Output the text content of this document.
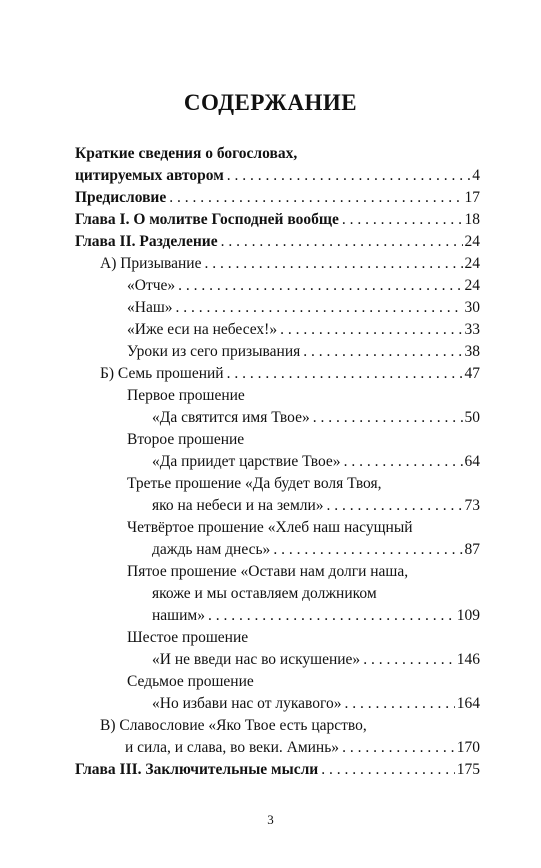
СОДЕРЖАНИЕ
Краткие сведения о богословах,
цитируемых автором . . .	4
Предисловие . . .	17
Глава I. О молитве Господней вообще . . .	18
Глава II. Разделение . . .	24
А) Призывание . . .	24
«Отче» . . .	24
«Наш» . . .	30
«Иже еси на небесех!» . . .	33
Уроки из сего призывания . . .	38
Б) Семь прошений . . .	47
Первое прошение
«Да святится имя Твое» . . .	50
Второе прошение
«Да приидет царствие Твое» . . .	64
Третье прошение «Да будет воля Твоя,
яко на небеси и на земли» . . .	73
Четвёртое прошение «Хлеб наш насущный
даждь нам днесь» . . .	87
Пятое прошение «Остави нам долги наша,
якоже и мы оставляем должником
нашим» . . .	109
Шестое прошение
«И не введи нас во искушение» . . .	146
Седьмое прошение
«Но избави нас от лукавого» . . .	164
В) Славословие «Яко Твое есть царство,
и сила, и слава, во веки. Аминь» . . .	170
Глава III. Заключительные мысли . . .	175
3
